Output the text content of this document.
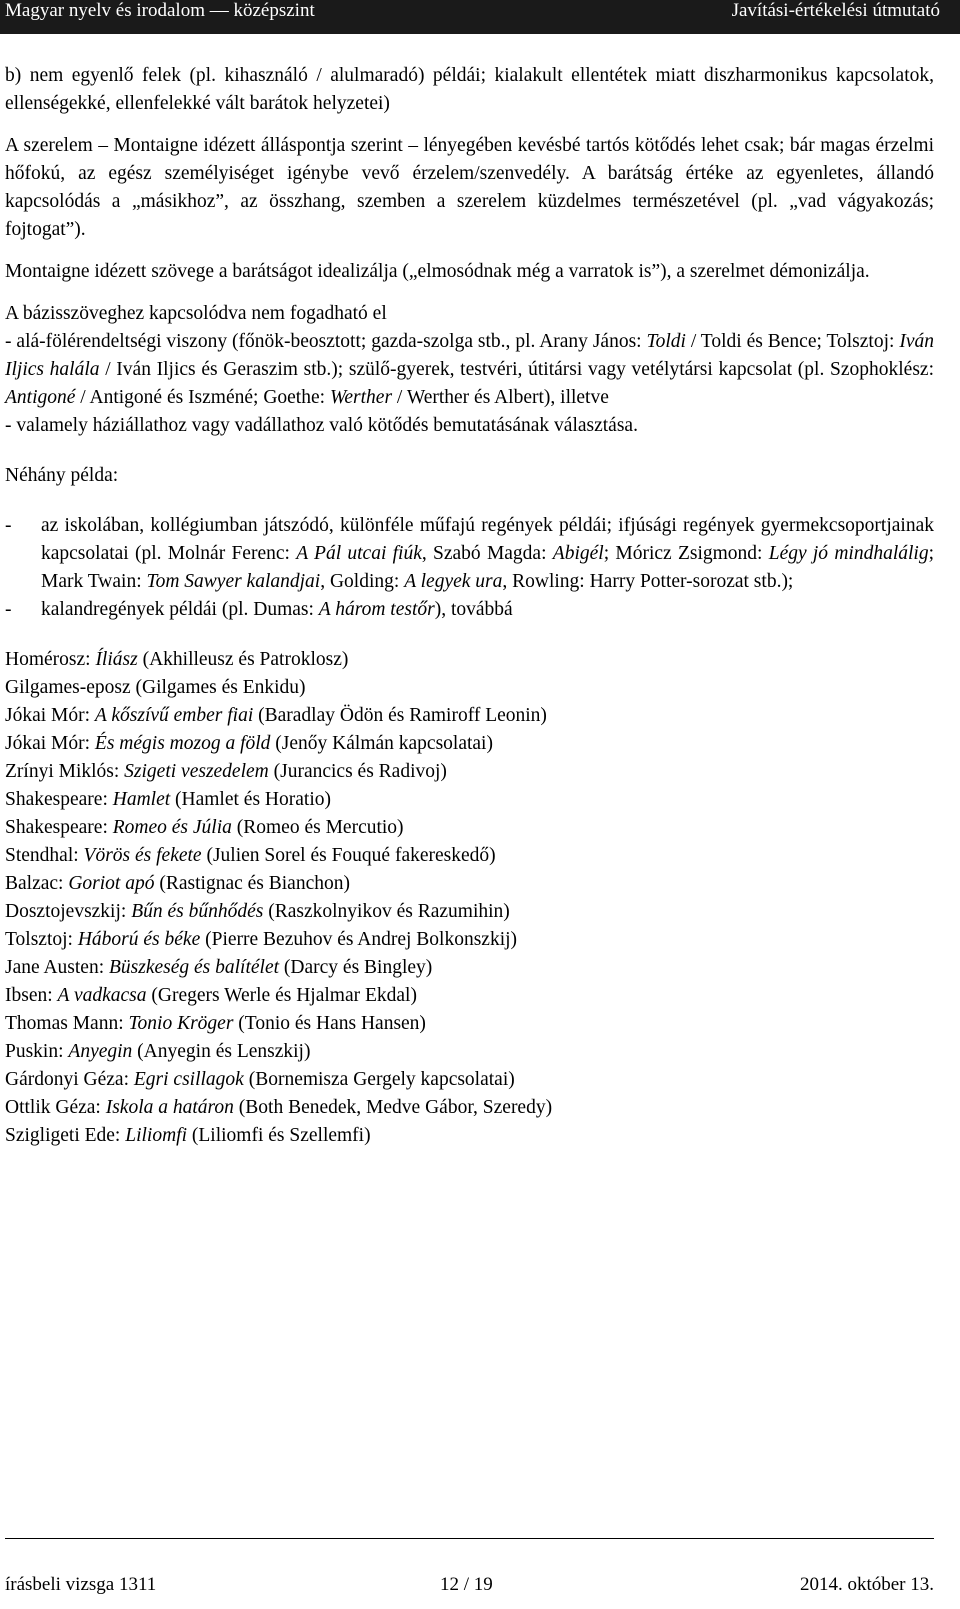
Magyar nyelv és irodalom — középszint	Javítási-értékelési útmutató

b) nem egyenlő felek (pl. kihasználó / alulmaradó) példái; kialakult ellentétek miatt diszharmonikus kapcsolatok, ellenségekké, ellenfelekké vált barátok helyzetei)

A szerelem – Montaigne idézett álláspontja szerint – lényegében kevésbé tartós kötődés lehet csak; bár magas érzelmi hőfokú, az egész személyiséget igénybe vevő érzelem/szenvedély. A barátság értéke az egyenletes, állandó kapcsolódás a „másikhoz”, az összhang, szemben a szerelem küzdelmes természetével (pl. „vad vágyakozás; fojtogat”).

Montaigne idézett szövege a barátságot idealizálja („elmosódnak még a varratok is”), a szerelmet démonizálja.

A bázisszöveghez kapcsolódva nem fogadható el

- alá-fölérendeltségi viszony (főnök-beosztott; gazda-szolga stb., pl. Arany János: Toldi / Toldi és Bence; Tolsztoj: Iván Iljics halála / Iván Iljics és Geraszim stb.); szülő-gyerek, testvéri, útitársi vagy vetélytársi kapcsolat (pl. Szophoklész: Antigoné / Antigoné és Iszméné; Goethe: Werther / Werther és Albert), illetve

- valamely háziállathoz vagy vadállathoz való kötődés bemutatásának választása.

Néhány példa:

-	az iskolában, kollégiumban játszódó, különféle műfajú regények példái; ifjúsági regények gyermekcsoportjainak kapcsolatai (pl. Molnár Ferenc: A Pál utcai fiúk, Szabó Magda: Abigél; Móricz Zsigmond: Légy jó mindhalálig; Mark Twain: Tom Sawyer kalandjai, Golding: A legyek ura, Rowling: Harry Potter-sorozat stb.);
-	kalandregények példái (pl. Dumas: A három testőr), továbbá

Homérosz: Íliász (Akhilleusz és Patroklosz)

Gilgames-eposz (Gilgames és Enkidu)

Jókai Mór: A kőszívű ember fiai (Baradlay Ödön és Ramiroff Leonin)

Jókai Mór: És mégis mozog a föld (Jenőy Kálmán kapcsolatai)

Zrínyi Miklós: Szigeti veszedelem (Jurancics és Radivoj)

Shakespeare: Hamlet (Hamlet és Horatio)

Shakespeare: Romeo és Júlia (Romeo és Mercutio)

Stendhal: Vörös és fekete (Julien Sorel és Fouqué fakereskedő)

Balzac: Goriot apó (Rastignac és Bianchon)

Dosztojevszkij: Bűn és bűnhődés (Raszkolnyikov és Razumihin)

Tolsztoj: Háború és béke (Pierre Bezuhov és Andrej Bolkonszkij)

Jane Austen: Büszkeség és balítélet (Darcy és Bingley)

Ibsen: A vadkacsa (Gregers Werle és Hjalmar Ekdal)

Thomas Mann: Tonio Kröger (Tonio és Hans Hansen)

Puskin: Anyegin (Anyegin és Lenszkij)

Gárdonyi Géza: Egri csillagok (Bornemisza Gergely kapcsolatai)

Ottlik Géza: Iskola a határon (Both Benedek, Medve Gábor, Szeredy)

Szigligeti Ede: Liliomfi (Liliomfi és Szellemfi)

írásbeli vizsga 1311	12 / 19	2014. október 13.
